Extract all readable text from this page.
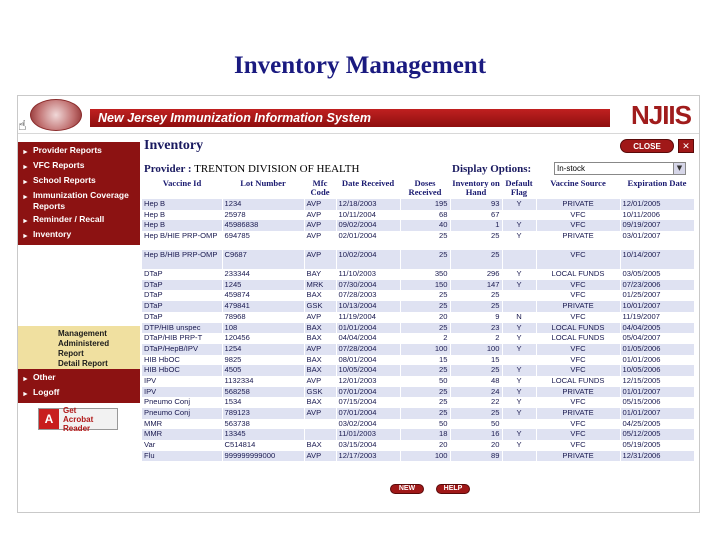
Inventory Management
New Jersey Immunization Information System	NJIIS
☝
► Provider Reports
► VFC Reports
► School Reports
► Immunization Coverage Reports
► Reminder / Recall
► Inventory
Management
Administered Report
Detail Report
► Other
► Logoff
A
Get
Acrobat
Reader
Inventory	CLOSE	✕
Provider : TRENTON DIVISION OF HEALTH	Display Options:	In-stock	▼
Vaccine Id	Lot Number	Mfc Code	Date Received	Doses Received	Inventory on Hand	Default Flag	Vaccine Source	Expiration Date
Hep B	1234	AVP	12/18/2003	195	93	Y	PRIVATE	12/01/2005
Hep B	25978	AVP	10/11/2004	68	67		VFC	10/11/2006
Hep B	45986838	AVP	09/02/2004	40	1	Y	VFC	09/19/2007
Hep B/HIE PRP-OMP	694785	AVP	02/01/2004	25	25	Y	PRIVATE	03/01/2007
Hep B/HIB PRP-OMP	C9687	AVP	10/02/2004	25	25		VFC	10/14/2007
DTaP	233344	BAY	11/10/2003	350	296	Y	LOCAL FUNDS	03/05/2005
DTaP	1245	MRK	07/30/2004	150	147	Y	VFC	07/23/2006
DTaP	459874	BAX	07/28/2003	25	25		VFC	01/25/2007
DTaP	479841	GSK	10/13/2004	25	25		PRIVATE	10/01/2007
DTaP	78968	AVP	11/19/2004	20	9	N	VFC	11/19/2007
DTP/HIB unspec	108	BAX	01/01/2004	25	23	Y	LOCAL FUNDS	04/04/2005
DTaP/HIB PRP-T	120456	BAX	04/04/2004	2	2	Y	LOCAL FUNDS	05/04/2007
DTaP/HepB/IPV	1254	AVP	07/28/2004	100	100	Y	VFC	01/05/2006
HIB HbOC	9825	BAX	08/01/2004	15	15		VFC	01/01/2006
HIB HbOC	4505	BAX	10/05/2004	25	25	Y	VFC	10/05/2006
IPV	1132334	AVP	12/01/2003	50	48	Y	LOCAL FUNDS	12/15/2005
IPV	568258	GSK	07/01/2004	25	24	Y	PRIVATE	01/01/2007
Pneumo Conj	1534	BAX	07/15/2004	25	22	Y	VFC	05/15/2006
Pneumo Conj	789123	AVP	07/01/2004	25	25	Y	PRIVATE	01/01/2007
MMR	563738		03/02/2004	50	50		VFC	04/25/2005
MMR	13345		11/01/2003	18	16	Y	VFC	05/12/2005
Var	C514814	BAX	03/15/2004	20	20	Y	VFC	05/19/2005
Flu	999999999000	AVP	12/17/2003	100	89		PRIVATE	12/31/2006
NEW	HELP
